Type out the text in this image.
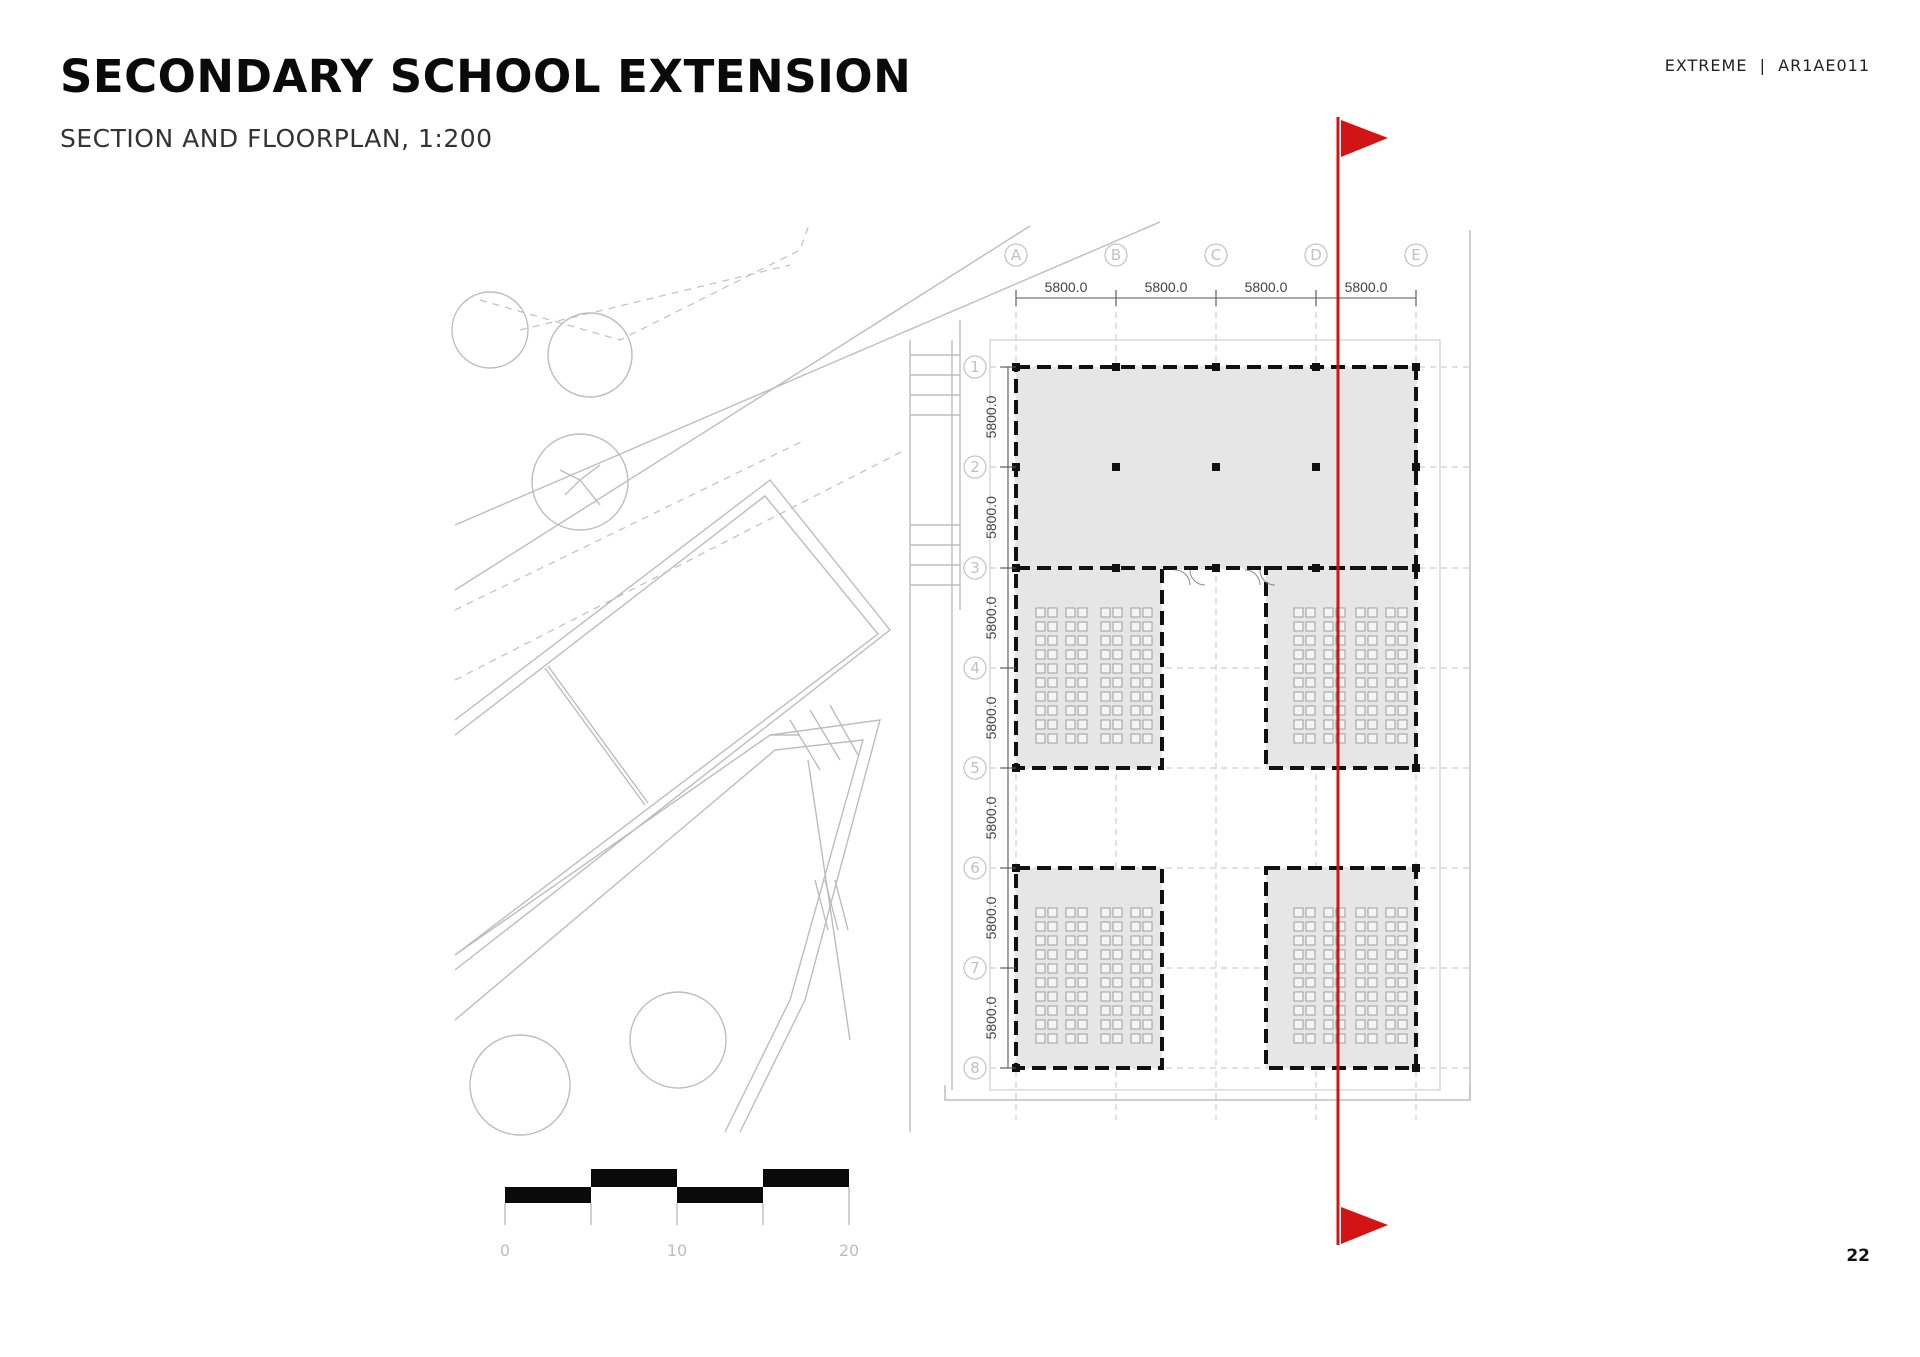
SECONDARY SCHOOL EXTENSION
SECTION AND FLOORPLAN, 1:200
EXTREME | AR1AE011
22
5800.0	5800.0	5800.0	5800.0
5800.0
5800.0
5800.0
5800.0
5800.0
5800.0
5800.0
A	B	C	D	E
1
2
3
4
5
6
7
8
0	10	20
